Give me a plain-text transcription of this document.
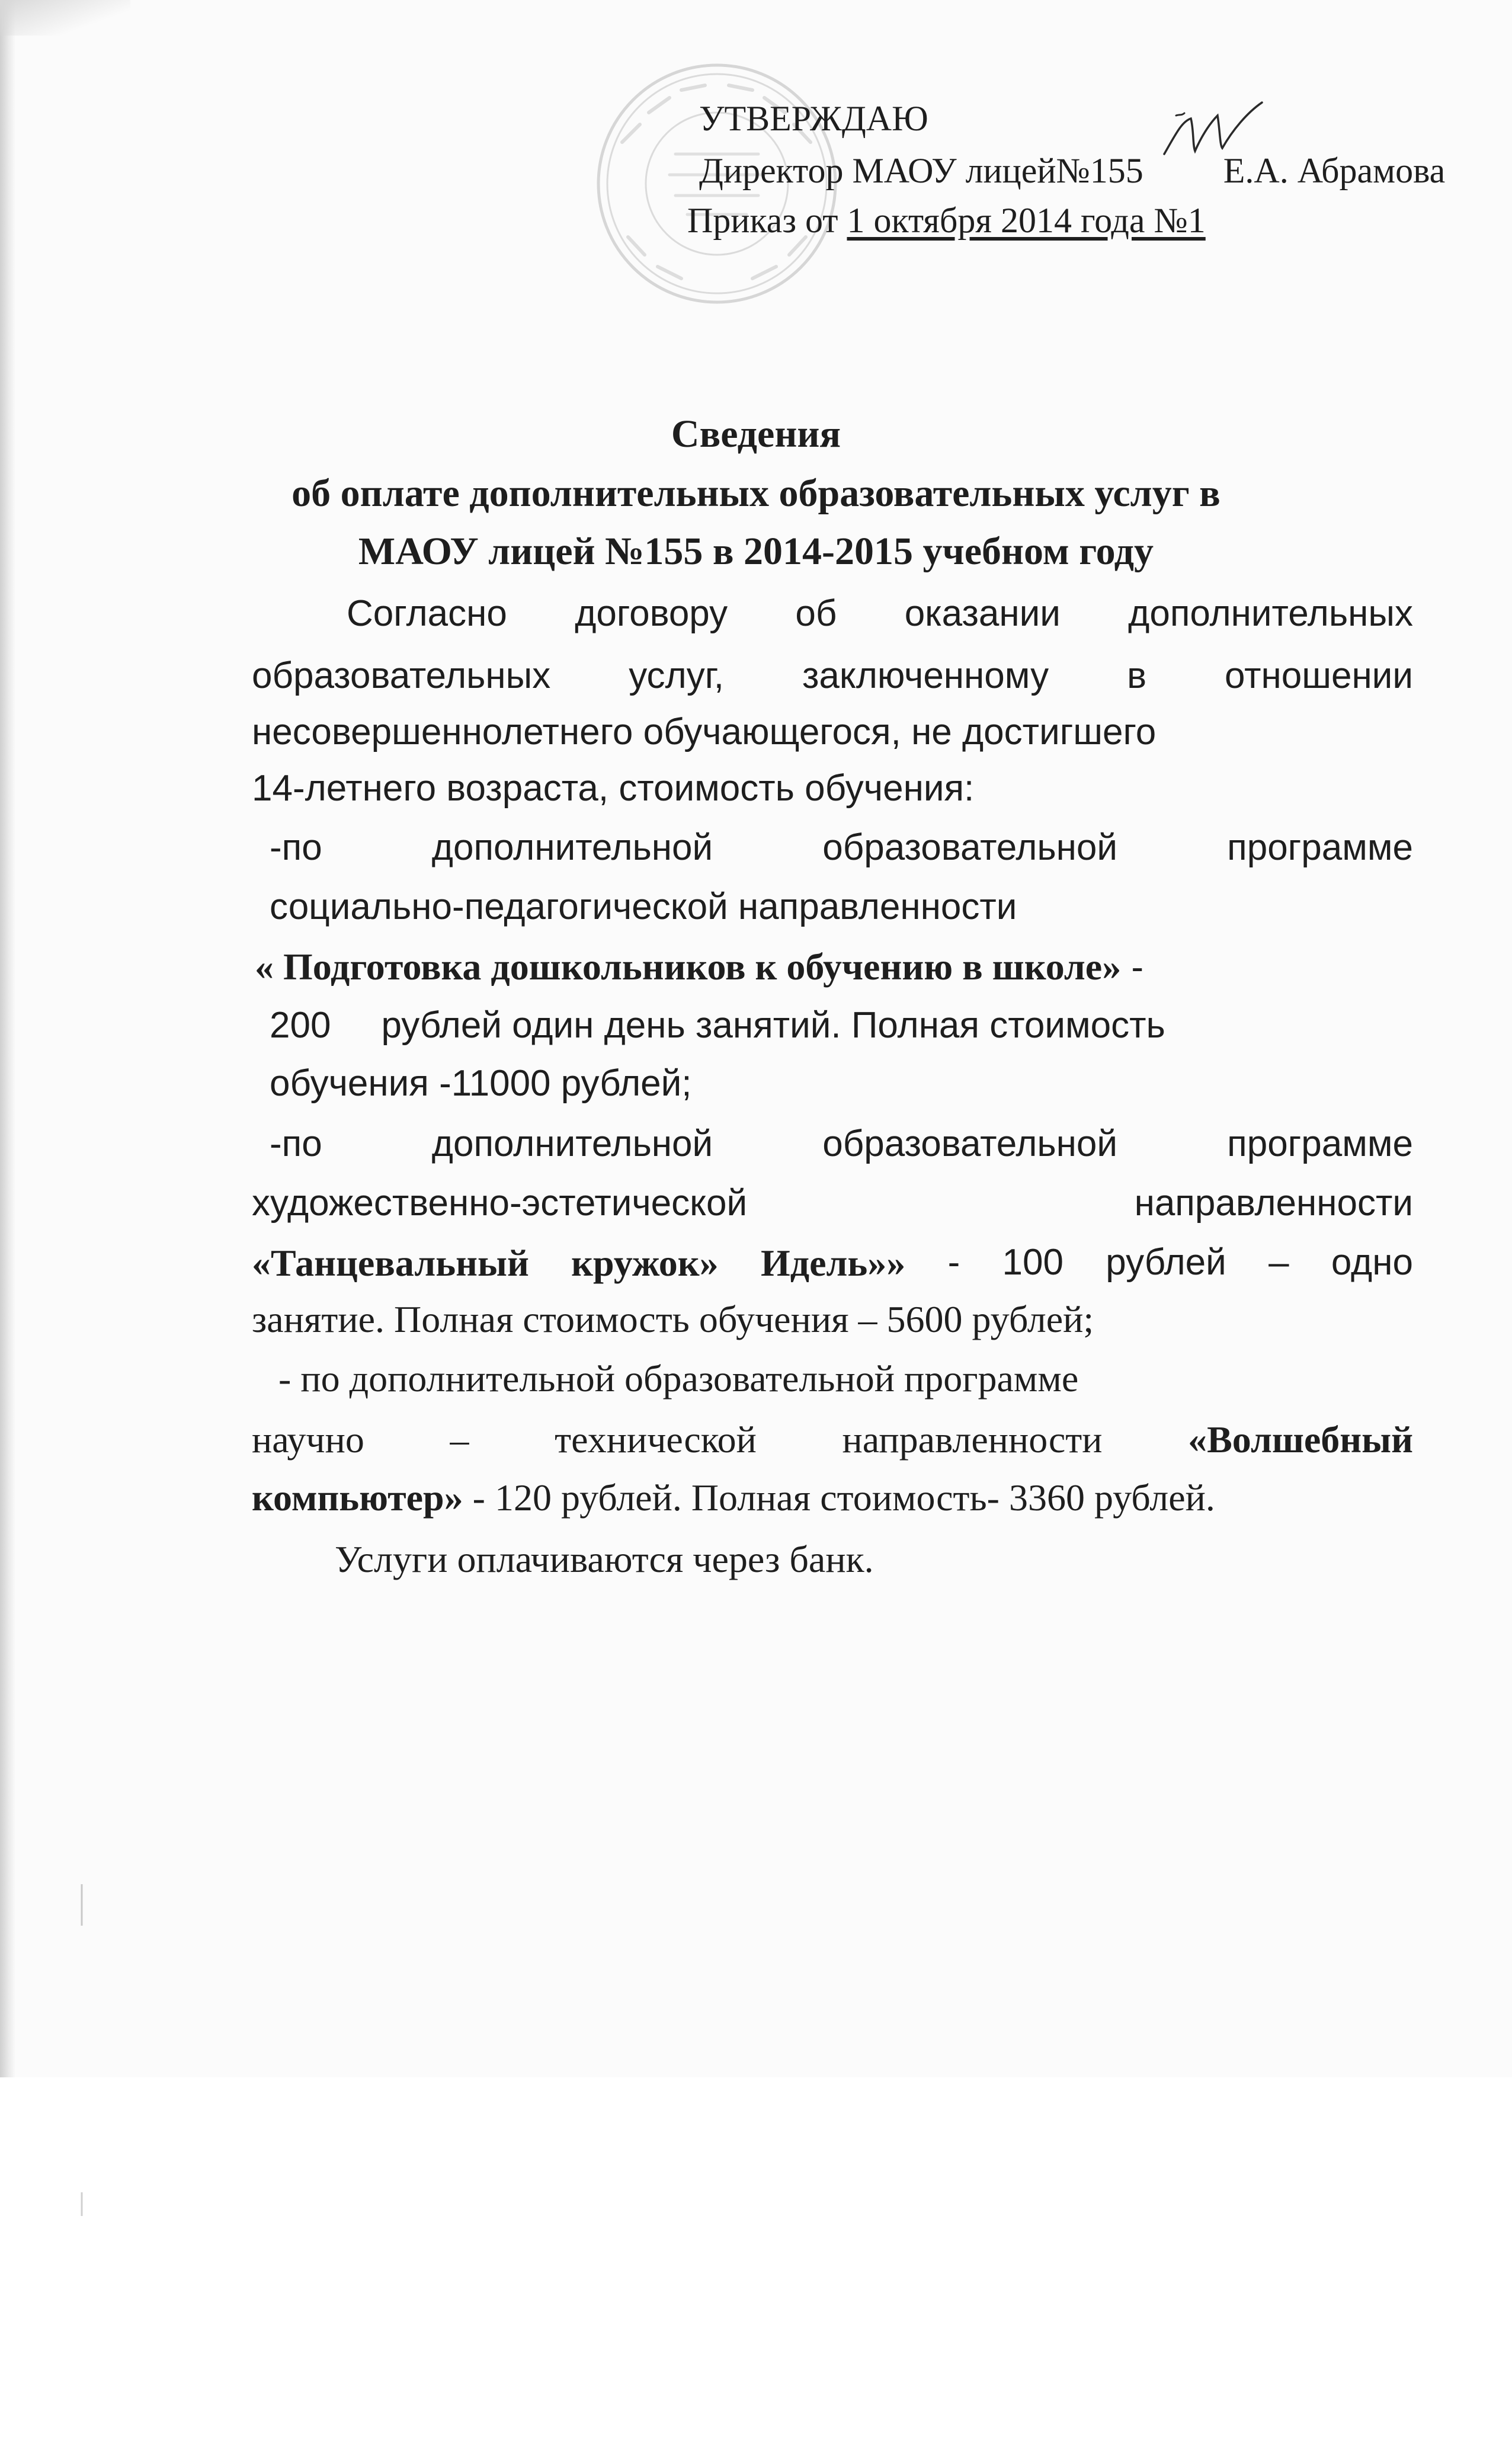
УТВЕРЖДАЮ
Директор МАОУ лицей№155 Е.А. Абрамова
Приказ от 1 октября 2014 года №1
Сведения
об оплате дополнительных образовательных услуг в
МАОУ лицей №155 в 2014-2015 учебном году
Согласно договору об оказании дополнительных
образовательных услуг, заключенному в отношении
несовершеннолетнего обучающегося, не достигшего
14-летнего возраста, стоимость обучения:
-по	дополнительной	образовательной	программе
социально-педагогической направленности
« Подготовка дошкольников к обучению в школе» -
200 рублей один день занятий. Полная стоимость
обучения -11000 рублей;
-по	дополнительной	образовательной	программе
художественно-эстетической	направленности
«Танцевальный кружок» Идель»» - 100 рублей – одно
занятие. Полная стоимость обучения – 5600 рублей;
- по дополнительной образовательной программе
научно – технической направленности «Волшебный
компьютер» - 120 рублей. Полная стоимость- 3360 рублей.
Услуги оплачиваются через банк.
